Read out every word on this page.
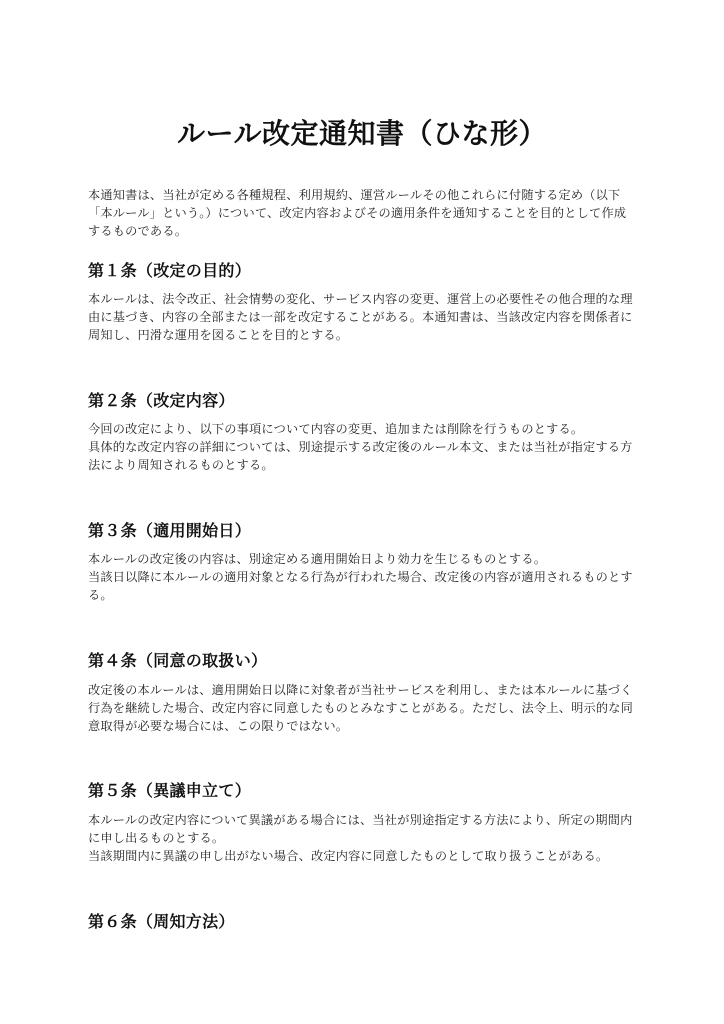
ルール改定通知書（ひな形）

本通知書は、当社が定める各種規程、利用規約、運営ルールその他これらに付随する定め（以下
「本ルール」という。）について、改定内容およびその適用条件を通知することを目的として作成
するものである。

第１条（改定の目的）

本ルールは、法令改正、社会情勢の変化、サービス内容の変更、運営上の必要性その他合理的な理
由に基づき、内容の全部または一部を改定することがある。本通知書は、当該改定内容を関係者に
周知し、円滑な運用を図ることを目的とする。

第２条（改定内容）

今回の改定により、以下の事項について内容の変更、追加または削除を行うものとする。
具体的な改定内容の詳細については、別途提示する改定後のルール本文、または当社が指定する方
法により周知されるものとする。

第３条（適用開始日）

本ルールの改定後の内容は、別途定める適用開始日より効力を生じるものとする。
当該日以降に本ルールの適用対象となる行為が行われた場合、改定後の内容が適用されるものとす
る。

第４条（同意の取扱い）

改定後の本ルールは、適用開始日以降に対象者が当社サービスを利用し、または本ルールに基づく
行為を継続した場合、改定内容に同意したものとみなすことがある。ただし、法令上、明示的な同
意取得が必要な場合には、この限りではない。

第５条（異議申立て）

本ルールの改定内容について異議がある場合には、当社が別途指定する方法により、所定の期間内
に申し出るものとする。
当該期間内に異議の申し出がない場合、改定内容に同意したものとして取り扱うことがある。

第６条（周知方法）
